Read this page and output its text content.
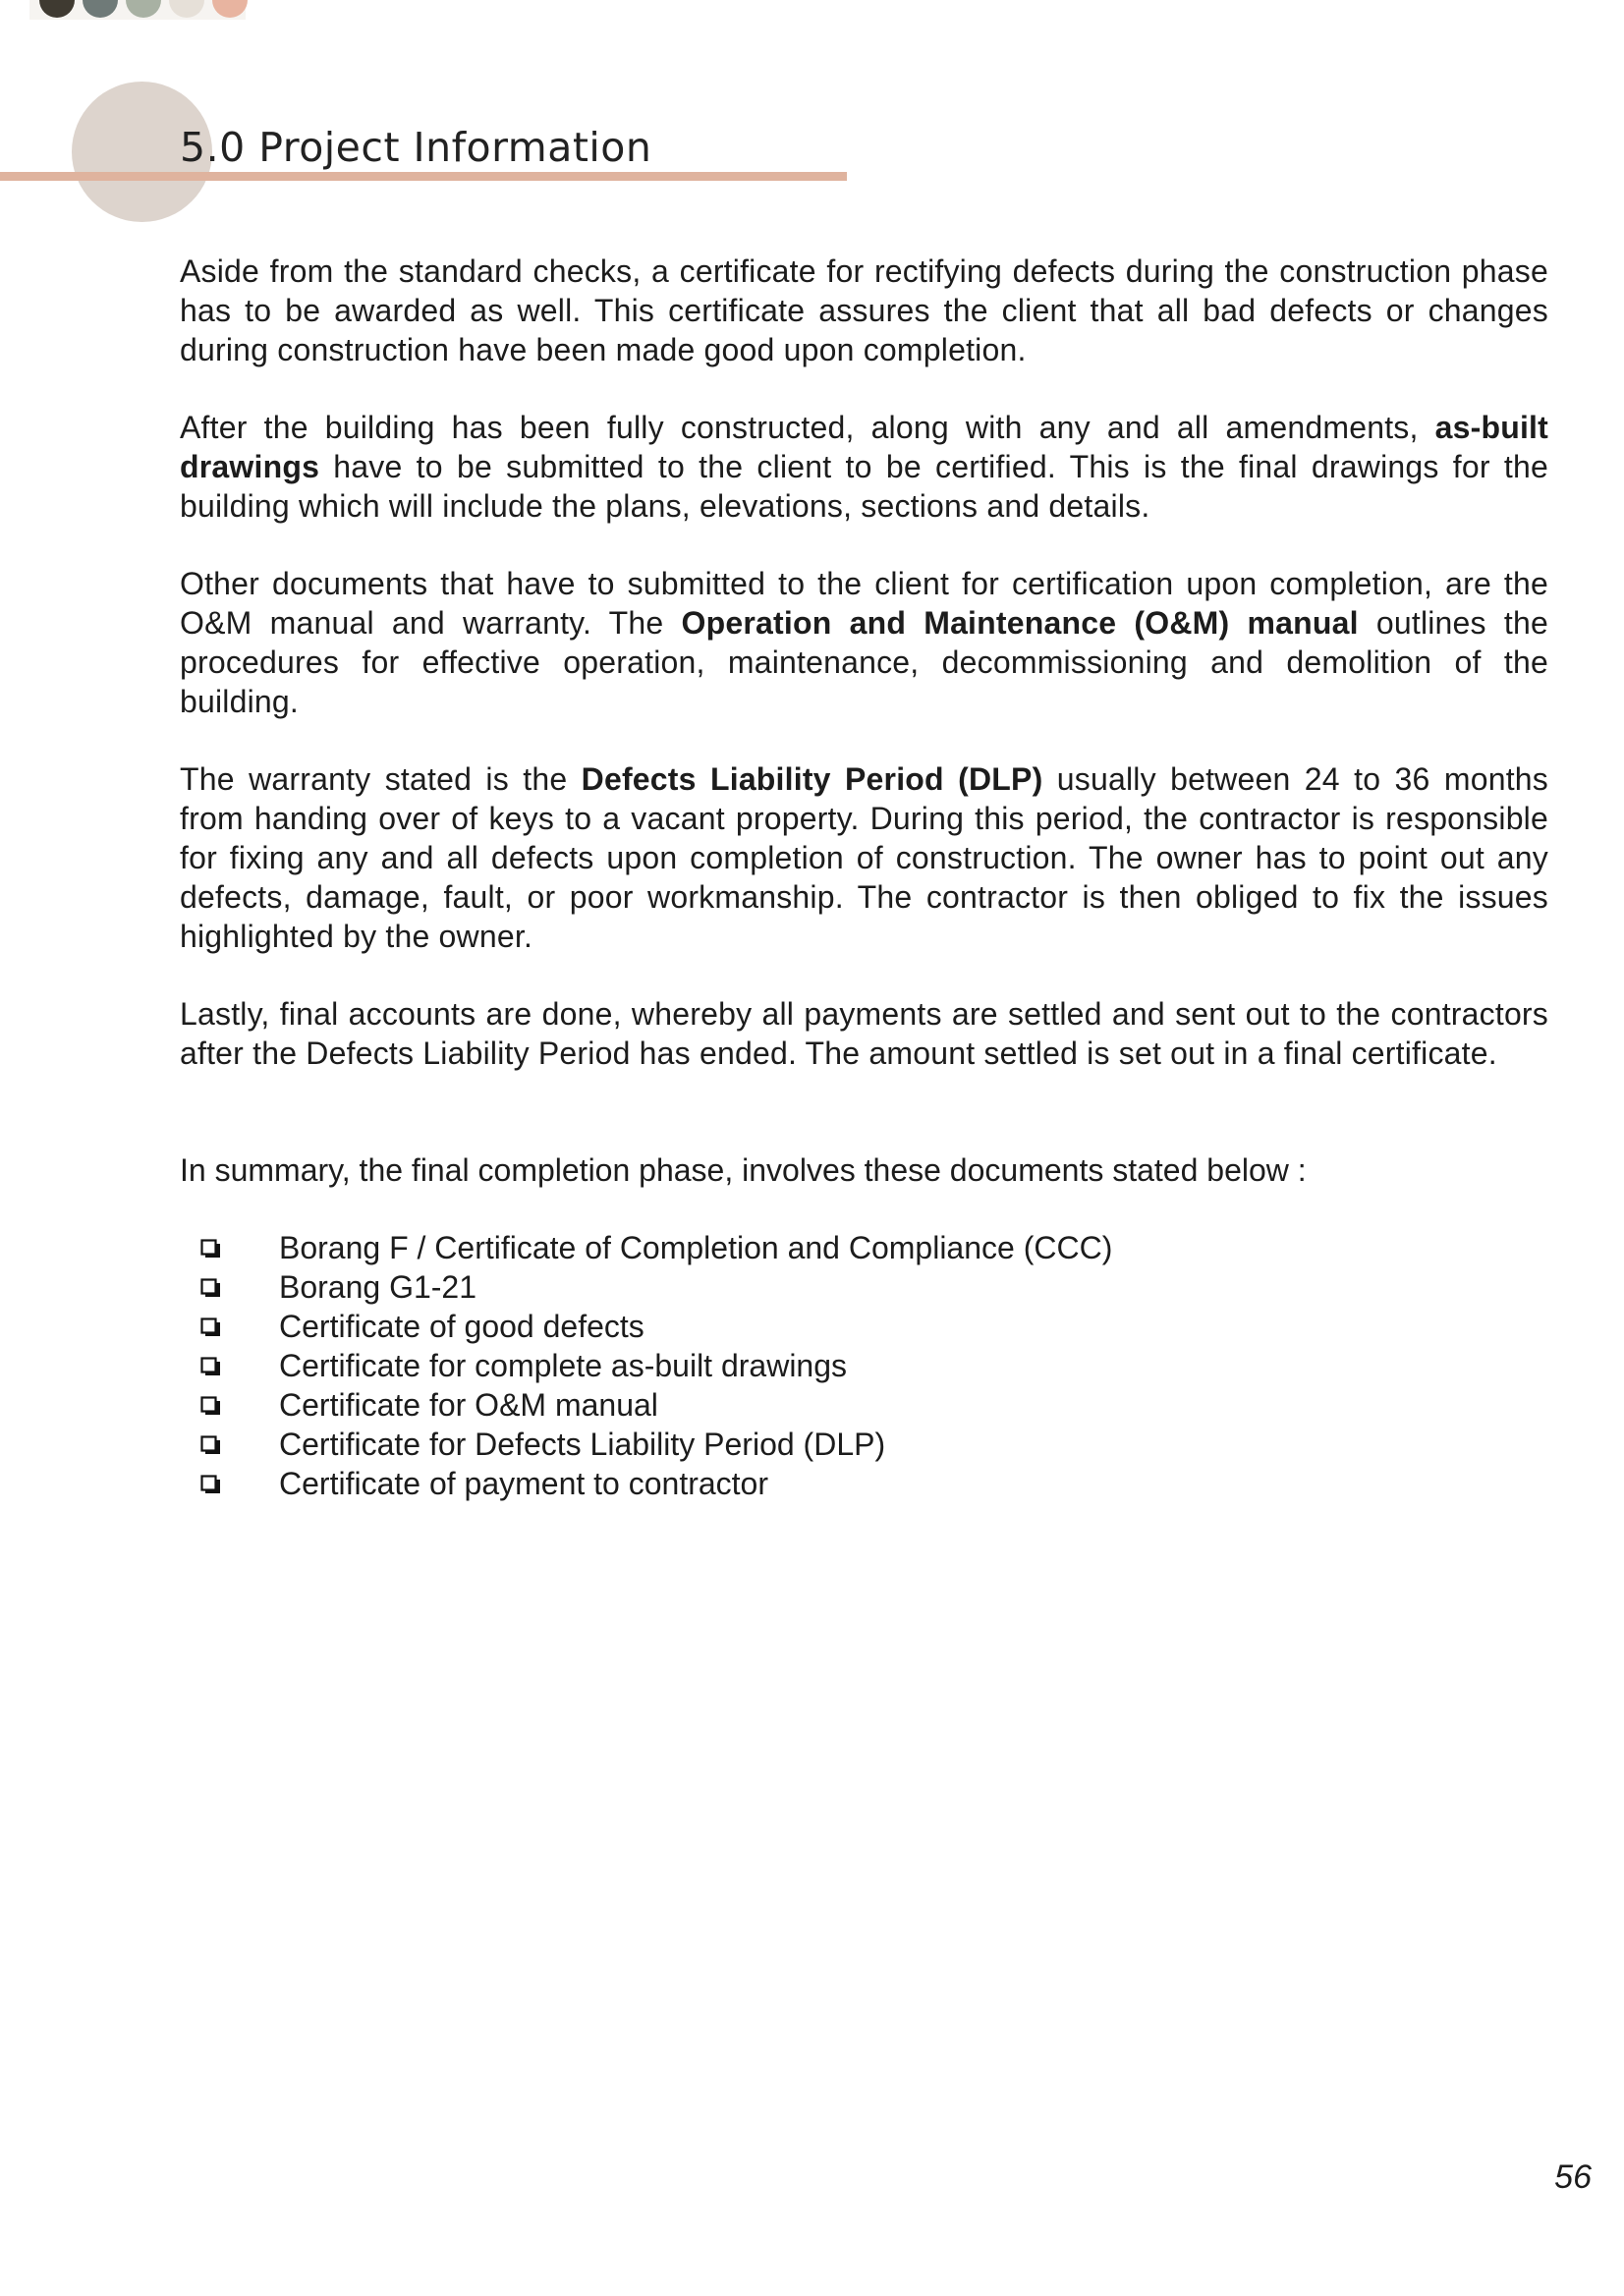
5.0 Project Information

Aside from the standard checks, a certificate for rectifying defects during the construction phase has to be awarded as well. This certificate assures the client that all bad defects or changes during construction have been made good upon completion.

After the building has been fully constructed, along with any and all amendments, as-built drawings have to be submitted to the client to be certified. This is the final drawings for the building which will include the plans, elevations, sections and details.

Other documents that have to submitted to the client for certification upon completion, are the O&M manual and warranty. The Operation and Maintenance (O&M) manual outlines the procedures for effective operation, maintenance, decommissioning and demolition of the building.

The warranty stated is the Defects Liability Period (DLP) usually between 24 to 36 months from handing over of keys to a vacant property. During this period, the contractor is responsible for fixing any and all defects upon completion of construction. The owner has to point out any defects, damage, fault, or poor workmanship. The contractor is then obliged to fix the issues highlighted by the owner.

Lastly, final accounts are done, whereby all payments are settled and sent out to the contractors after the Defects Liability Period has ended. The amount settled is set out in a final certificate.

In summary, the final completion phase, involves these documents stated below :

Borang F / Certificate of Completion and Compliance (CCC)
Borang G1-21
Certificate of good defects
Certificate for complete as-built drawings
Certificate for O&M manual
Certificate for Defects Liability Period (DLP)
Certificate of payment to contractor
56
